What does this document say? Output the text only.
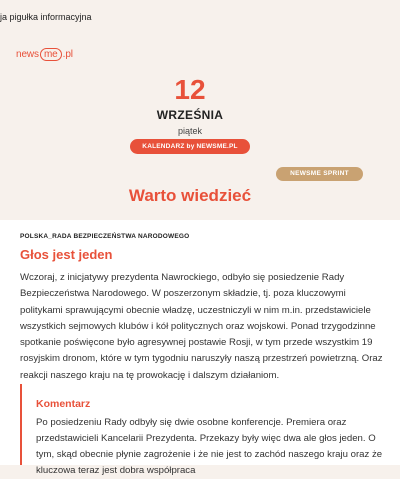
ja pigułka informacyjna
news me .pl
12
WRZEŚNIA
piątek
KALENDARZ by NEWSME.PL
NEWSME SPRINT
Warto wiedzieć
POLSKA_RADA BEZPIECZEŃSTWA NARODOWEGO
Głos jest jeden
Wczoraj, z inicjatywy prezydenta Nawrockiego, odbyło się posiedzenie Rady Bezpieczeństwa Narodowego. W poszerzonym składzie, tj. poza kluczowymi politykami sprawującymi obecnie władzę, uczestniczyli w nim m.in. przedstawiciele wszystkich sejmowych klubów i kół politycznych oraz wojskowi. Ponad trzygodzinne spotkanie poświęcone było agresywnej postawie Rosji, w tym przede wszystkim 19 rosyjskim dronom, które w tym tygodniu naruszyły naszą przestrzeń powietrzną. Oraz reakcji naszego kraju na tę prowokację i dalszym działaniom.
Komentarz
Po posiedzeniu Rady odbyły się dwie osobne konferencje. Premiera oraz przedstawicieli Kancelarii Prezydenta. Przekazy były więc dwa ale głos jeden. O tym, skąd obecnie płynie zagrożenie i że nie jest to zachód naszego kraju oraz że kluczowa teraz jest dobra współpraca
